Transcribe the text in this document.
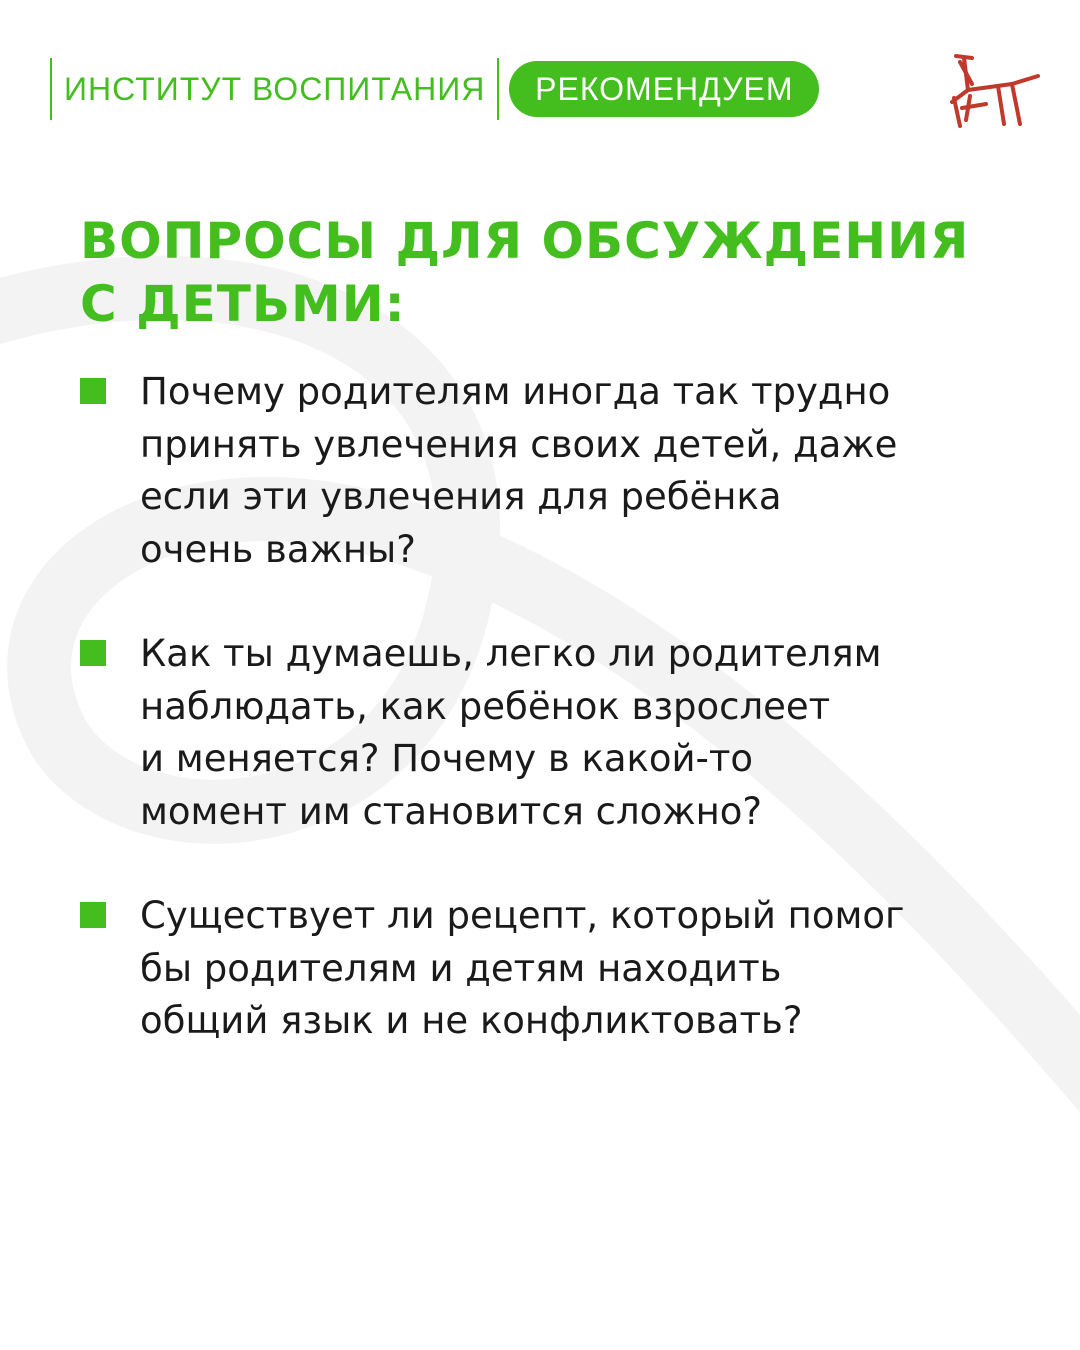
ИНСТИТУТ ВОСПИТАНИЯ	РЕКОМЕНДУЕМ
ВОПРОСЫ ДЛЯ ОБСУЖДЕНИЯ
С ДЕТЬМИ:
Почему родителям иногда так трудно
принять увлечения своих детей, даже
если эти увлечения для ребёнка
очень важны?
Как ты думаешь, легко ли родителям
наблюдать, как ребёнок взрослеет
и меняется? Почему в какой-то
момент им становится сложно?
Существует ли рецепт, который помог
бы родителям и детям находить
общий язык и не конфликтовать?
